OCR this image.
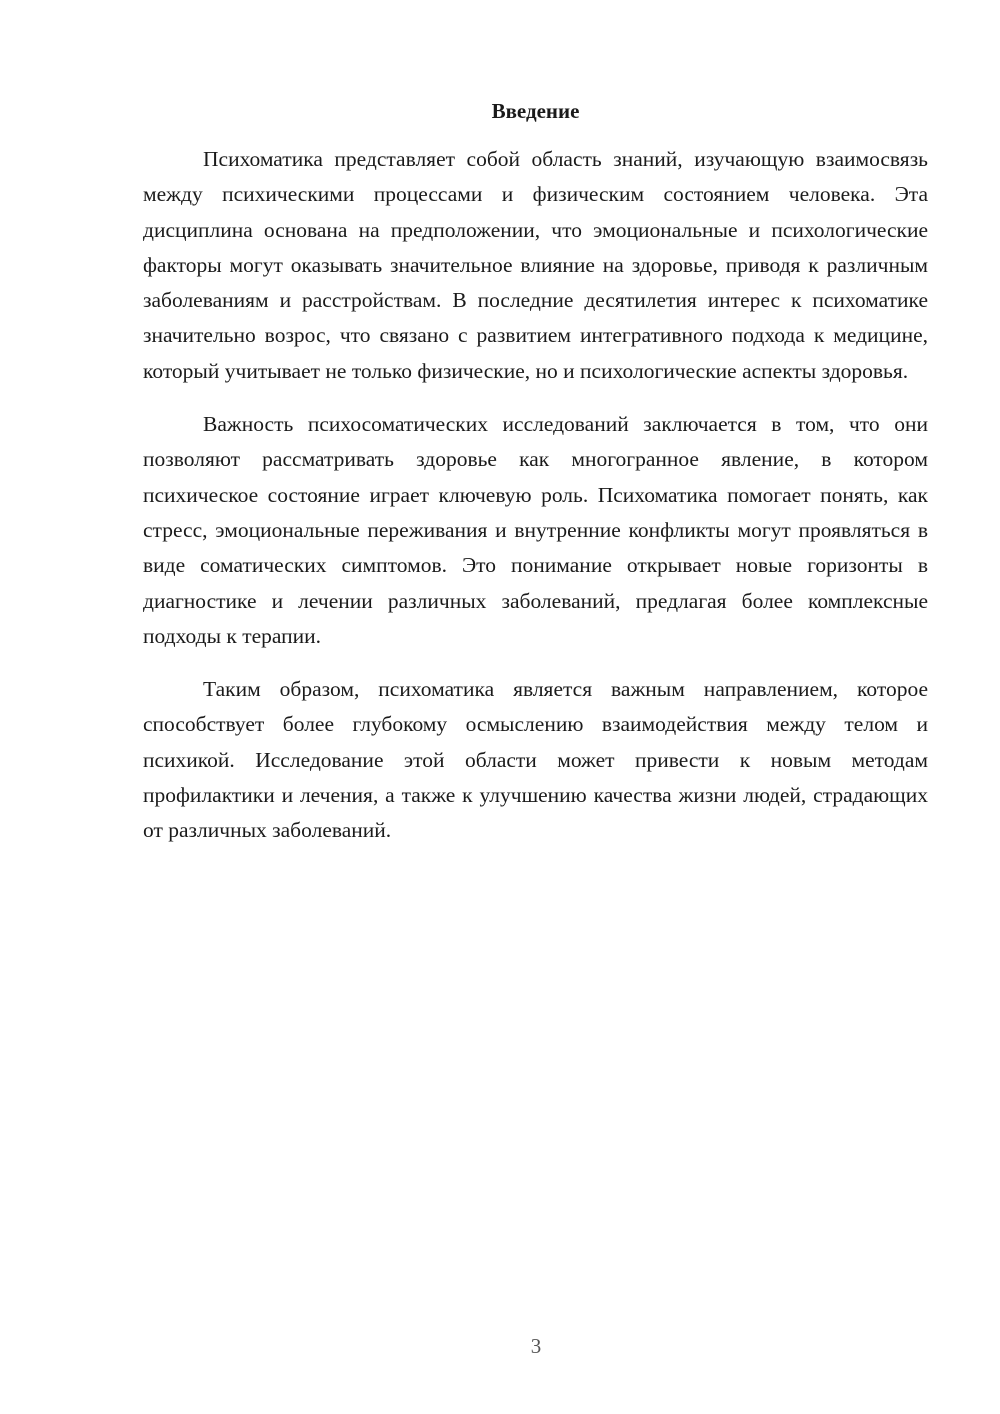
Введение

Психоматика представляет собой область знаний, изучающую взаимосвязь между психическими процессами и физическим состоянием человека. Эта дисциплина основана на предположении, что эмоциональные и психологические факторы могут оказывать значительное влияние на здоровье, приводя к различным заболеваниям и расстройствам. В последние десятилетия интерес к психоматике значительно возрос, что связано с развитием интегративного подхода к медицине, который учитывает не только физические, но и психологические аспекты здоровья.

Важность психосоматических исследований заключается в том, что они позволяют рассматривать здоровье как многогранное явление, в котором психическое состояние играет ключевую роль. Психоматика помогает понять, как стресс, эмоциональные переживания и внутренние конфликты могут проявляться в виде соматических симптомов. Это понимание открывает новые горизонты в диагностике и лечении различных заболеваний, предлагая более комплексные подходы к терапии.

Таким образом, психоматика является важным направлением, которое способствует более глубокому осмыслению взаимодействия между телом и психикой. Исследование этой области может привести к новым методам профилактики и лечения, а также к улучшению качества жизни людей, страдающих от различных заболеваний.

3
